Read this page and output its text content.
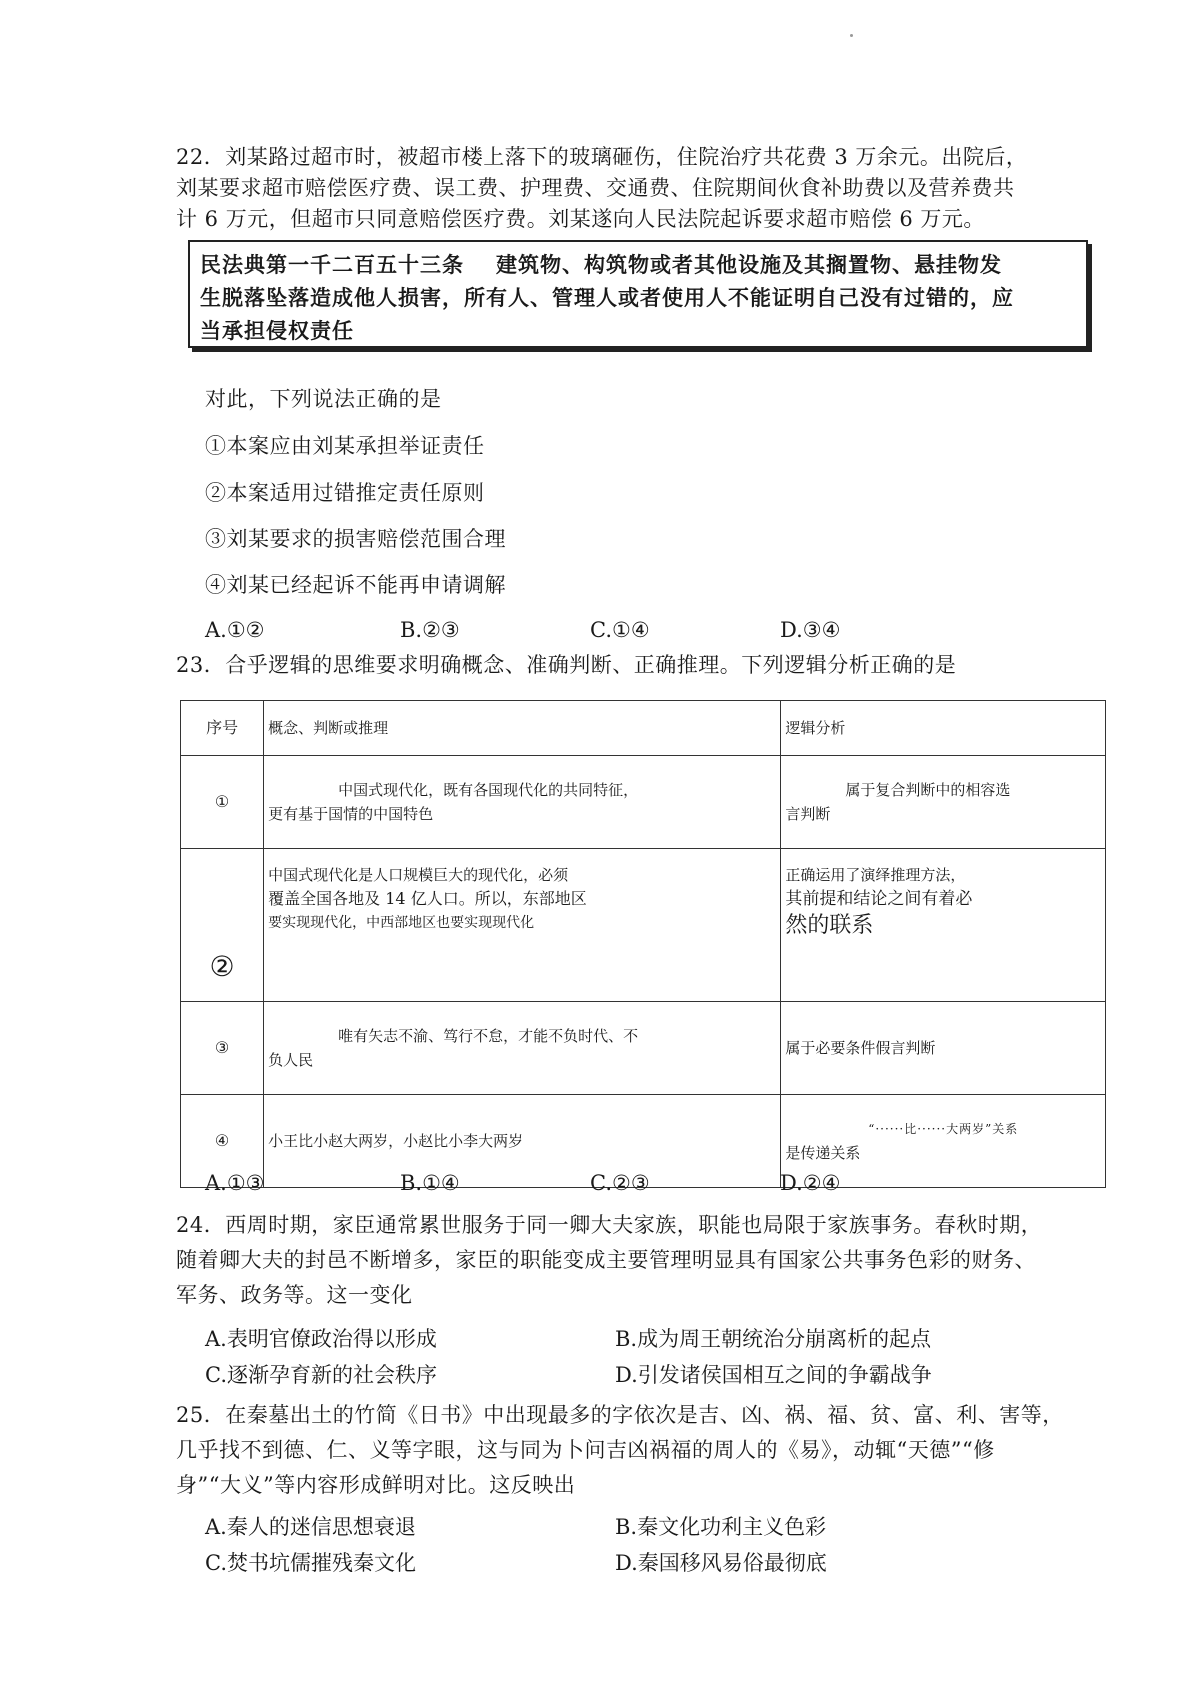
22．刘某路过超市时，被超市楼上落下的玻璃砸伤，住院治疗共花费 3 万余元。出院后，
刘某要求超市赔偿医疗费、误工费、护理费、交通费、住院期间伙食补助费以及营养费共
计 6 万元，但超市只同意赔偿医疗费。刘某遂向人民法院起诉要求超市赔偿 6 万元。
民法典第一千二百五十三条 建筑物、构筑物或者其他设施及其搁置物、悬挂物发
生脱落坠落造成他人损害，所有人、管理人或者使用人不能证明自己没有过错的，应
当承担侵权责任
对此，下列说法正确的是
①本案应由刘某承担举证责任
②本案适用过错推定责任原则
③刘某要求的损害赔偿范围合理
④刘某已经起诉不能再申请调解
A.①②	B.②③	C.①④	D.③④
23．合乎逻辑的思维要求明确概念、准确判断、正确推理。下列逻辑分析正确的是
序号	概念、判断或推理	逻辑分析
①	中国式现代化，既有各国现代化的共同特征，
更有基于国情的中国特色	属于复合判断中的相容选
言判断

②	中国式现代化是人口规模巨大的现代化，必须
覆盖全国各地及 14 亿人口。所以，东部地区
要实现现代化，中西部地区也要实现现代化	正确运用了演绎推理方法，
其前提和结论之间有着必
然的联系

③	唯有矢志不渝、笃行不怠，才能不负时代、不
负人民	属于必要条件假言判断

④	小王比小赵大两岁，小赵比小李大两岁	“······比······大两岁”关系
是传递关系
A.①③	B.①④	C.②③	D.②④
24．西周时期，家臣通常累世服务于同一卿大夫家族，职能也局限于家族事务。春秋时期，
随着卿大夫的封邑不断增多，家臣的职能变成主要管理明显具有国家公共事务色彩的财务、
军务、政务等。这一变化
A.表明官僚政治得以形成	B.成为周王朝统治分崩离析的起点
C.逐渐孕育新的社会秩序	D.引发诸侯国相互之间的争霸战争
25．在秦墓出土的竹简《日书》中出现最多的字依次是吉、凶、祸、福、贫、富、利、害等，
几乎找不到德、仁、义等字眼，这与同为卜问吉凶祸福的周人的《易》，动辄“天德”“修
身”“大义”等内容形成鲜明对比。这反映出
A.秦人的迷信思想衰退	B.秦文化功利主义色彩
C.焚书坑儒摧残秦文化	D.秦国移风易俗最彻底
